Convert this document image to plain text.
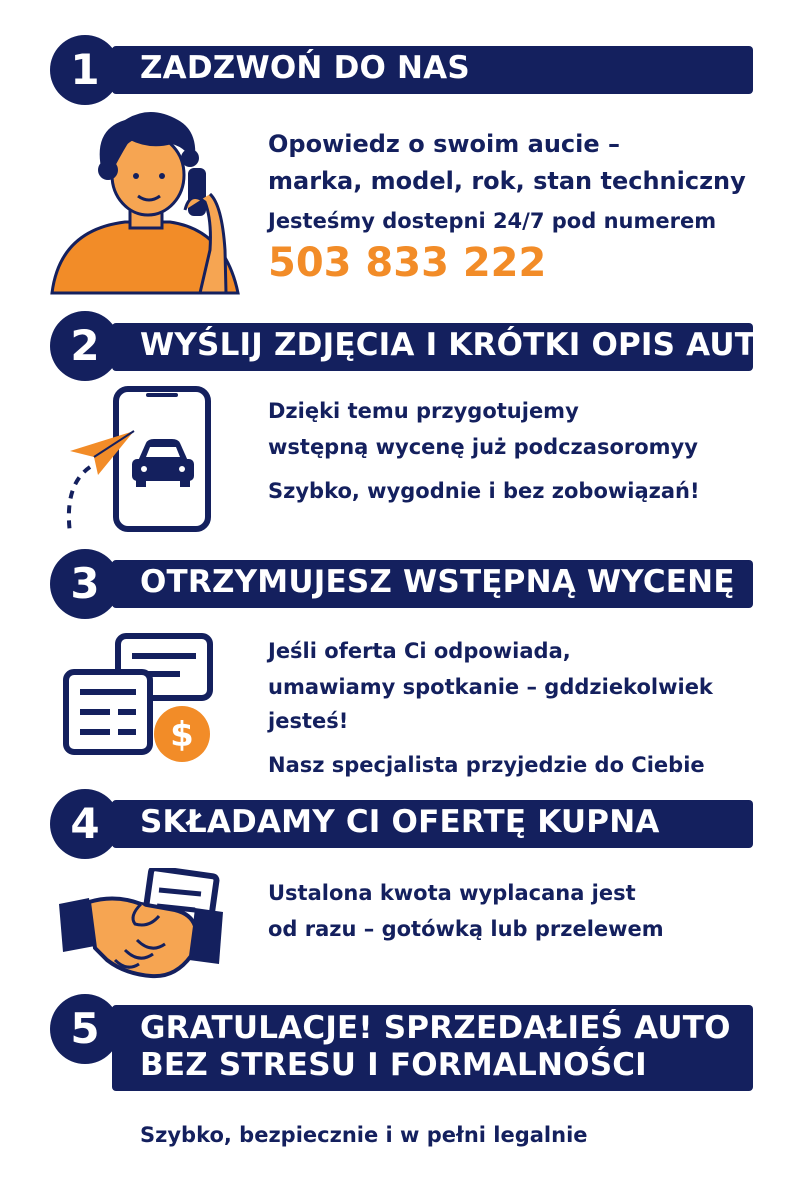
1	ZADZWOŃ DO NAS
Opowiedz o swoim aucie –
marka, model, rok, stan techniczny
Jesteśmy dostepni 24/7 pod numerem
503 833 222
2	WYŚLIJ ZDJĘCIA I KRÓTKI OPIS AUTA
Dzięki temu przygotujemy
wstępną wycenę już podczasoromyy
Szybko, wygodnie i bez zobowiązań!
3	OTRZYMUJESZ WSTĘPNĄ WYCENĘ
$
Jeśli oferta Ci odpowiada,
umawiamy spotkanie – gddziekolwiek
jesteś!
Nasz specjalista przyjedzie do Ciebie
4	SKŁADAMY CI OFERTĘ KUPNA
Ustalona kwota wyplacana jest
od razu – gotówką lub przelewem
5	GRATULACJE! SPRZEDAŁIEŚ AUTO
BEZ STRESU I FORMALNOŚCI
Szybko, bezpiecznie i w pełni legalnie
